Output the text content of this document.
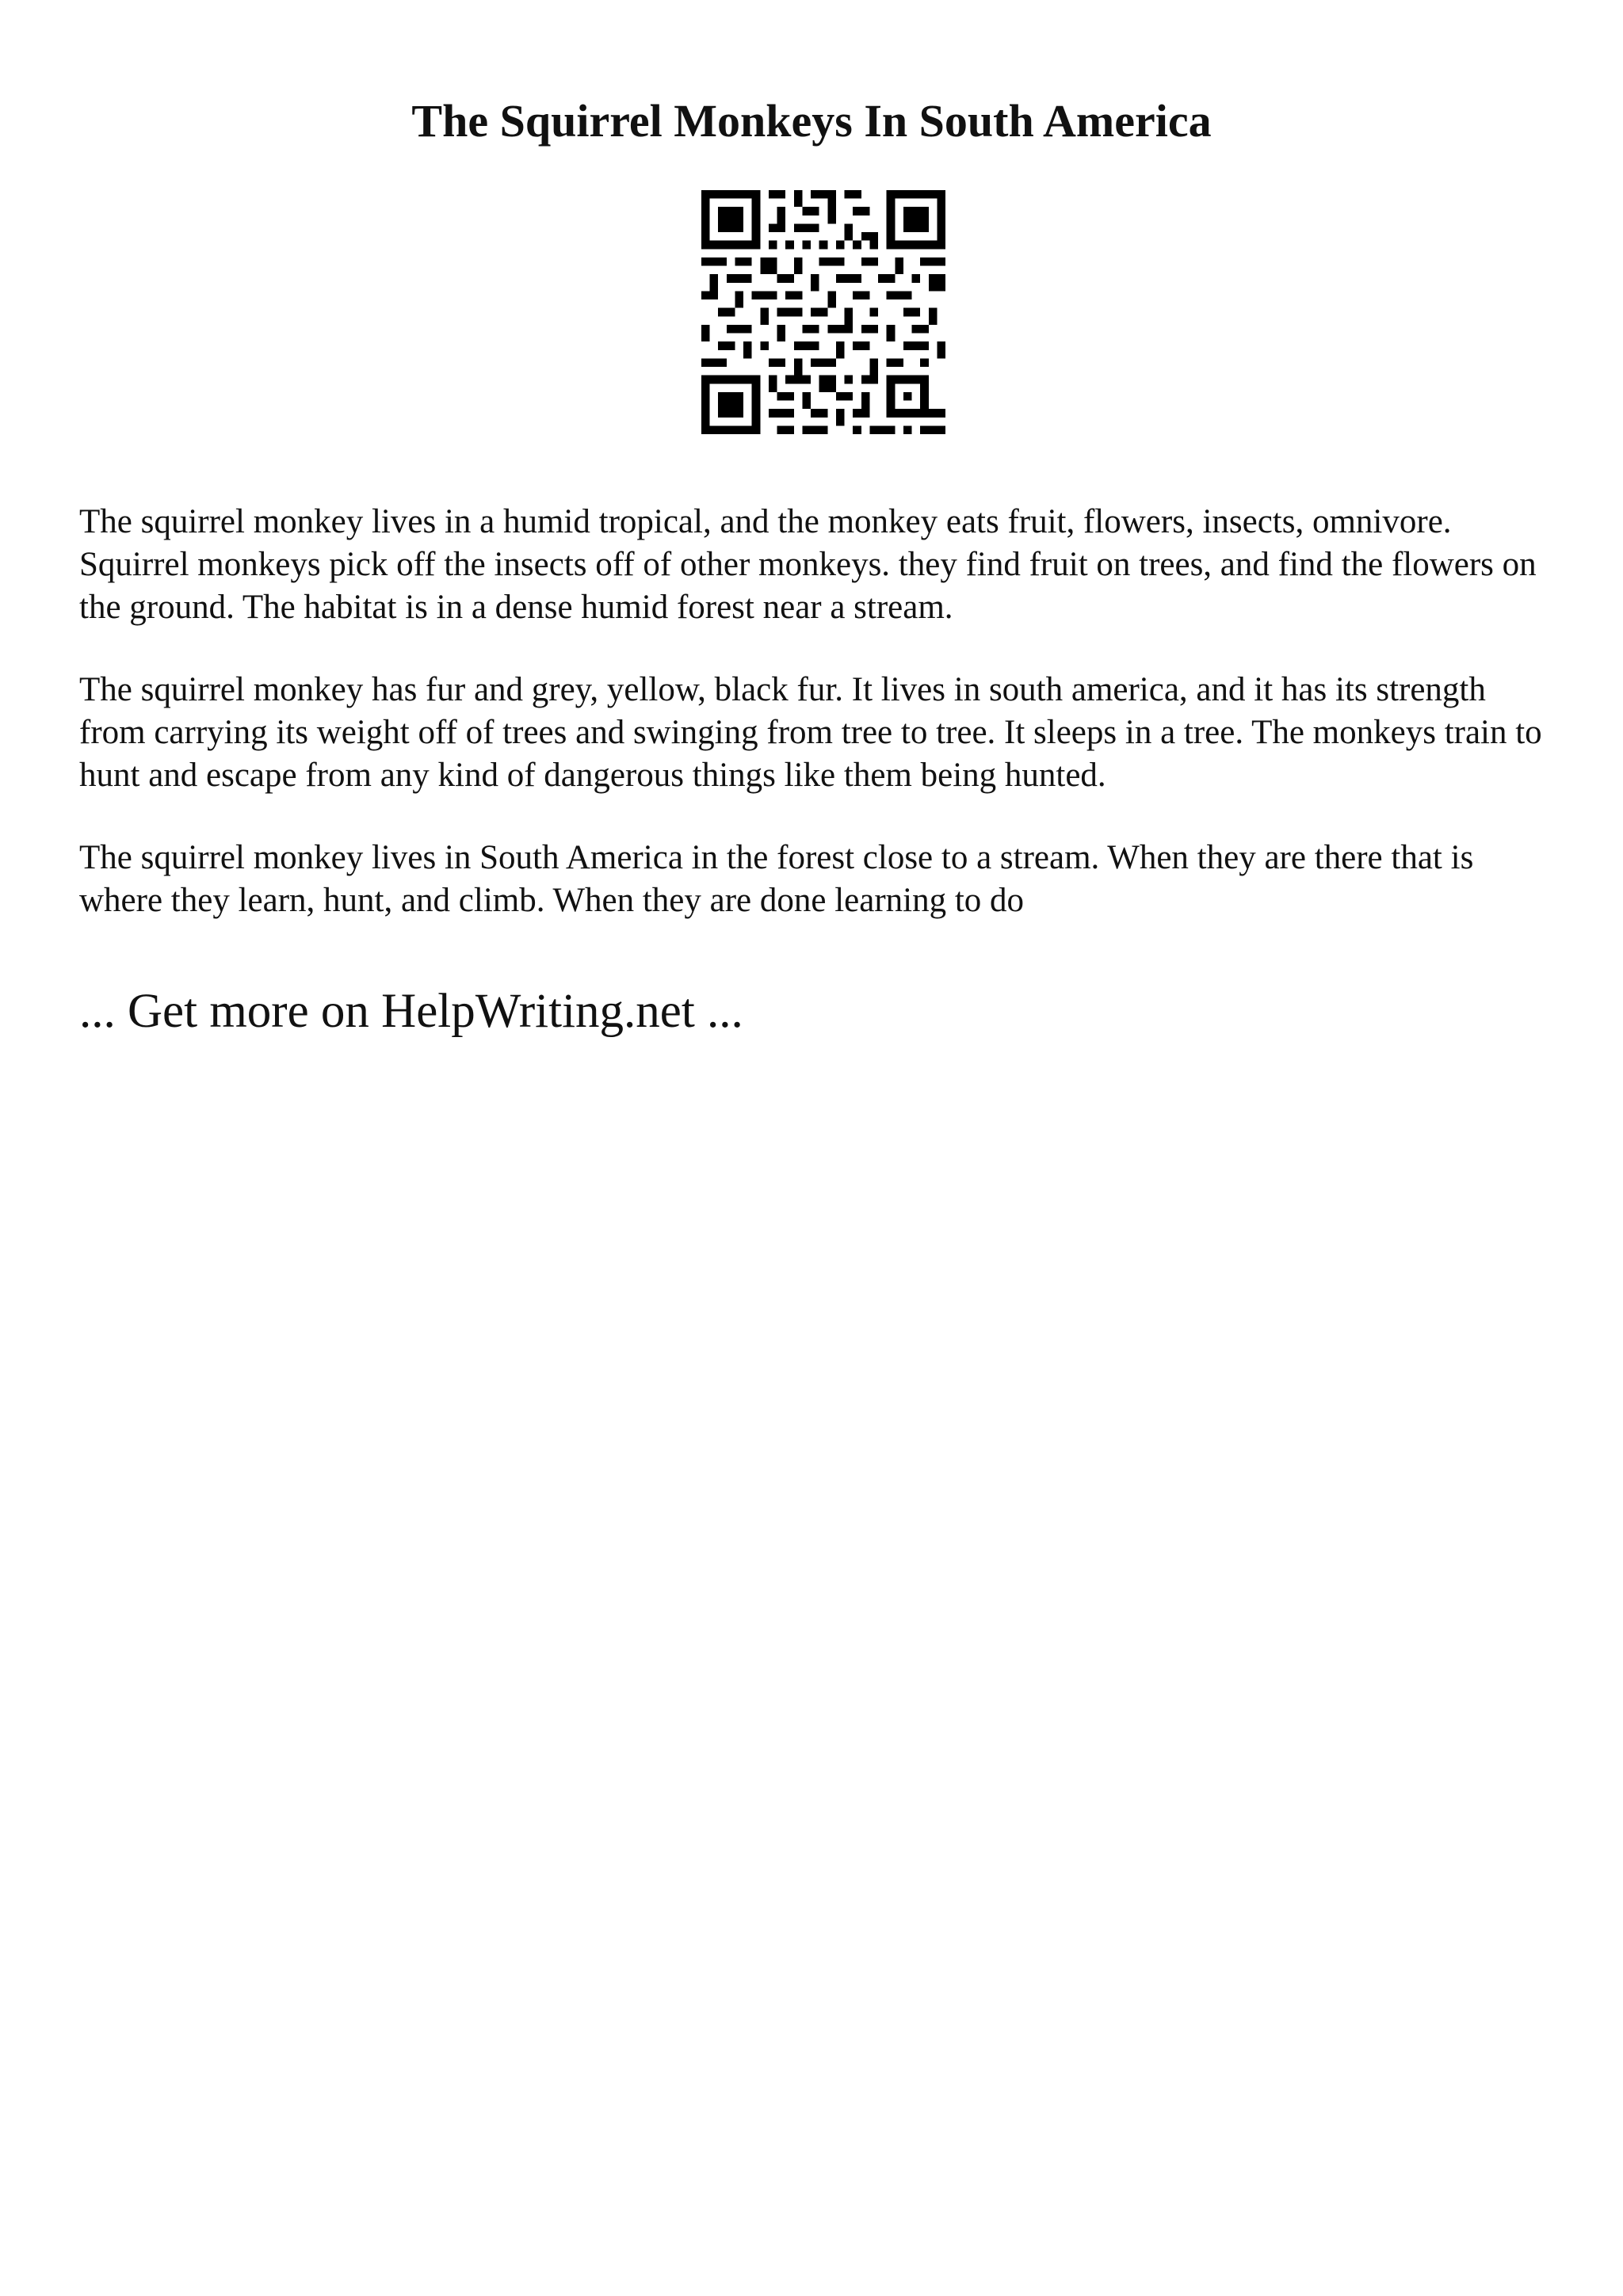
The Squirrel Monkeys In South America

The squirrel monkey lives in a humid tropical, and the monkey eats fruit, flowers, insects, omnivore. Squirrel monkeys pick off the insects off of other monkeys. they find fruit on trees, and find the flowers on the ground. The habitat is in a dense humid forest near a stream.

The squirrel monkey has fur and grey, yellow, black fur. It lives in south america, and it has its strength from carrying its weight off of trees and swinging from tree to tree. It sleeps in a tree. The monkeys train to hunt and escape from any kind of dangerous things like them being hunted.

The squirrel monkey lives in South America in the forest close to a stream. When they are there that is where they learn, hunt, and climb. When they are done learning to do

... Get more on HelpWriting.net ...
